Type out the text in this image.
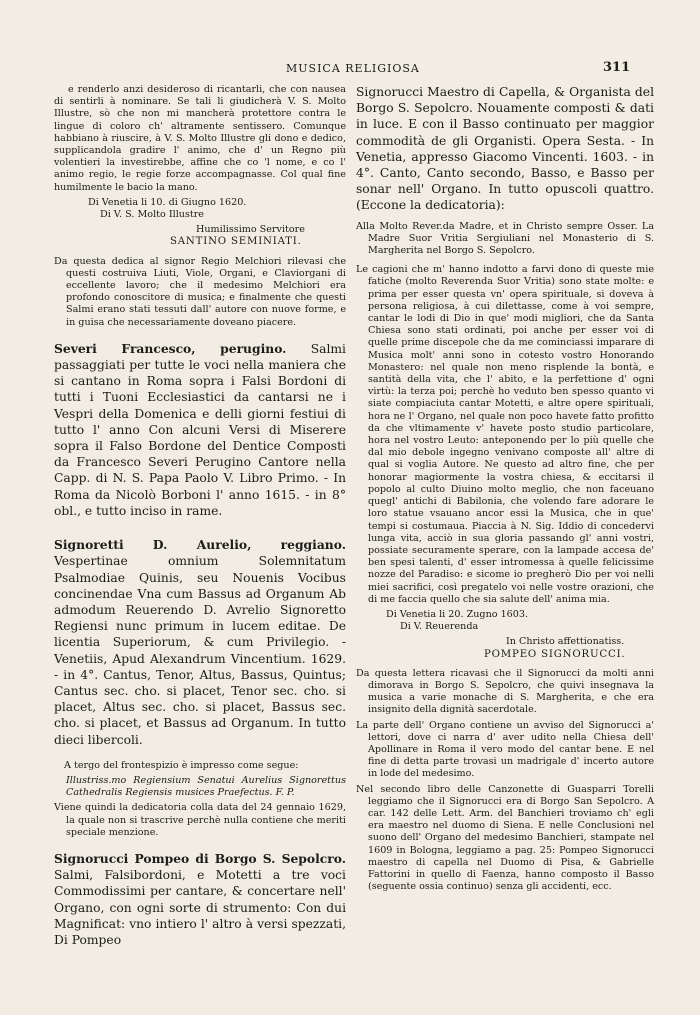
MUSICA RELIGIOSA	311

e renderlo anzi desideroso di ricantarli, che con nausea di sentirli à nominare. Se tali li giudicherà V. S. Molto Illustre, sò che non mi mancherà protettore contra le lingue di coloro ch' altramente sentissero. Comunque habbiano à riuscire, à V. S. Molto Illustre gli dono e dedico, supplicandola gradire l' animo, che d' un Regno più volentieri la investirebbe, affine che co 'l nome, e co l' animo regio, le regie forze accompagnasse. Col qual fine humilmente le bacio la mano.

Di Venetia li 10. di Giugno 1620.

Di V. S. Molto Illustre

Humilissimo Servitore

SANTINO SEMINIATI.

Da questa dedica al signor Regio Melchiori rilevasi che questi costruiva Liuti, Viole, Organi, e Claviorgani di eccellente lavoro; che il medesimo Melchiori era profondo conoscitore di musica; e finalmente che questi Salmi erano stati tessuti dall' autore con nuove forme, e in guisa che necessariamente doveano piacere.

Severi Francesco, perugino. Salmi passaggiati per tutte le voci nella maniera che si cantano in Roma sopra i Falsi Bordoni di tutti i Tuoni Ecclesiastici da cantarsi ne i Vespri della Domenica e delli giorni festiui di tutto l' anno Con alcuni Versi di Miserere sopra il Falso Bordone del Dentice Composti da Francesco Severi Perugino Cantore nella Capp. di N. S. Papa Paolo V. Libro Primo. - In Roma da Nicolò Borboni l' anno 1615. - in 8° obl., e tutto inciso in rame.

Signoretti D. Aurelio, reggiano. Vespertinae omnium Solemnitatum Psalmodiae Quinis, seu Nouenis Vocibus concinendae Vna cum Bassus ad Organum Ab admodum Reuerendo D. Avrelio Signoretto Regiensi nunc primum in lucem editae. De licentia Superiorum, & cum Privilegio. - Venetiis, Apud Alexandrum Vincentium. 1629. - in 4°. Cantus, Tenor, Altus, Bassus, Quintus; Cantus sec. cho. si placet, Tenor sec. cho. si placet, Altus sec. cho. si placet, Bassus sec. cho. si placet, et Bassus ad Organum. In tutto dieci libercoli.

A tergo del frontespizio è impresso come segue:

Illustriss.mo Regiensium Senatui Aurelius Signorettus Cathedralis Regiensis musices Praefectus. F. P.

Viene quindi la dedicatoria colla data del 24 gennaio 1629, la quale non si trascrive perchè nulla contiene che meriti speciale menzione.

Signorucci Pompeo di Borgo S. Sepolcro. Salmi, Falsibordoni, e Motetti a tre voci Commodissimi per cantare, & concertare nell' Organo, con ogni sorte di strumento: Con dui Magnificat: vno intiero l' altro à versi spezzati, Di Pompeo

Signorucci Maestro di Capella, & Organista del Borgo S. Sepolcro. Nouamente composti & dati in luce. E con il Basso continuato per maggior commodità de gli Organisti. Opera Sesta. - In Venetia, appresso Giacomo Vincenti. 1603. - in 4°. Canto, Canto secondo, Basso, e Basso per sonar nell' Organo. In tutto opuscoli quattro. (Eccone la dedicatoria):

Alla Molto Rever.da Madre, et in Christo sempre Osser. La Madre Suor Vritia Sergiuliani nel Monasterio di S. Margherita nel Borgo S. Sepolcro.

Le cagioni che m' hanno indotto a farvi dono di queste mie fatiche (molto Reverenda Suor Vritia) sono state molte: e prima per esser questa vn' opera spirituale, si doveva à persona religiosa, à cui dilettasse, come à voi sempre, cantar le lodi di Dio in que' modi migliori, che da Santa Chiesa sono stati ordinati, poi anche per esser voi di quelle prime discepole che da me cominciassi imparare di Musica molt' anni sono in cotesto vostro Honorando Monastero: nel quale non meno risplende la bontà, e santità della vita, che l' abito, e la perfettione d' ogni virtù: la terza poi; perchè ho veduto ben spesso quanto vi siate compiaciuta cantar Motetti, e altre opere spirituali, hora ne l' Organo, nel quale non poco havete fatto profitto da che vltimamente v' havete posto studio particolare, hora nel vostro Leuto: anteponendo per lo più quelle che dal mio debole ingegno venivano composte all' altre di qual si voglia Autore. Ne questo ad altro fine, che per honorar magiormente la vostra chiesa, & eccitarsi il popolo al culto Diuino molto meglio, che non faceuano quegl' antichi di Babilonia, che volendo fare adorare le loro statue vsauano ancor essi la Musica, che in que' tempi si costumaua. Piaccia à N. Sig. Iddio di concedervi lunga vita, acciò in sua gloria passando gl' anni vostri, possiate securamente sperare, con la lampade accesa de' ben spesi talenti, d' esser intromessa à quelle felicissime nozze del Paradiso: e sicome io pregherò Dio per voi nelli miei sacrifici, così pregatelo voi nelle vostre orazioni, che di me faccia quello che sia salute dell' anima mia.

Di Venetia li 20. Zugno 1603.

Di V. Reuerenda

In Christo affettionatiss.

POMPEO SIGNORUCCI.

Da questa lettera ricavasi che il Signorucci da molti anni dimorava in Borgo S. Sepolcro, che quivi insegnava la musica a varie monache di S. Margherita, e che era insignito della dignità sacerdotale.

La parte dell' Organo contiene un avviso del Signorucci a' lettori, dove ci narra d' aver udito nella Chiesa dell' Apollinare in Roma il vero modo del cantar bene. E nel fine di detta parte trovasi un madrigale d' incerto autore in lode del medesimo.

Nel secondo libro delle Canzonette di Guasparri Torelli leggiamo che il Signorucci era di Borgo San Sepolcro. A car. 142 delle Lett. Arm. del Banchieri troviamo ch' egli era maestro nel duomo di Siena. E nelle Conclusioni nel suono dell' Organo del medesimo Banchieri, stampate nel 1609 in Bologna, leggiamo a pag. 25: Pompeo Signorucci maestro di capella nel Duomo di Pisa, & Gabrielle Fattorini in quello di Faenza, hanno composto il Basso (seguente ossia continuo) senza gli accidenti, ecc.
